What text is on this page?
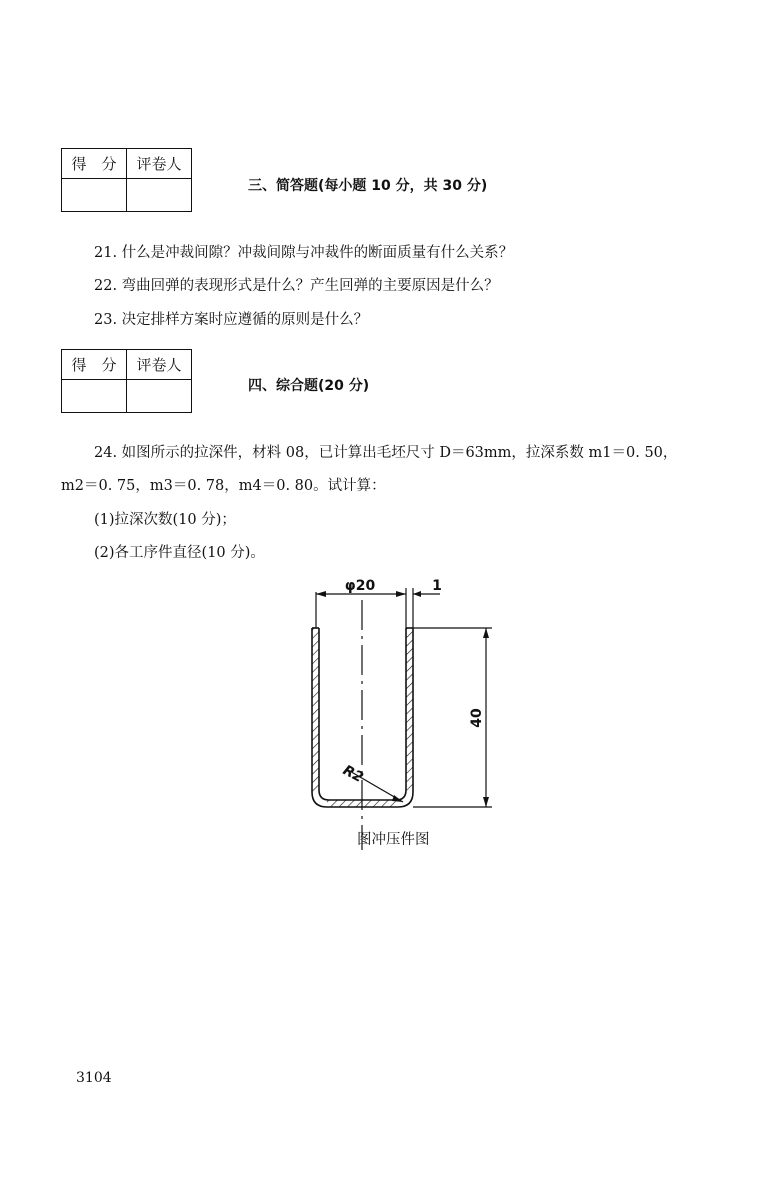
得　分	评卷人

三、简答题(每小题 10 分，共 30 分)
21. 什么是冲裁间隙？冲裁间隙与冲裁件的断面质量有什么关系？
22. 弯曲回弹的表现形式是什么？产生回弹的主要原因是什么？
23. 决定排样方案时应遵循的原则是什么？
得　分	评卷人

四、综合题(20 分)
24. 如图所示的拉深件，材料 08，已计算出毛坯尺寸 D＝63mm，拉深系数 m1＝0. 50，
m2＝0. 75，m3＝0. 78，m4＝0. 80。试计算：
(1)拉深次数(10 分)；
(2)各工序件直径(10 分)。
φ20	1
40
R2
图冲压件图
3104
